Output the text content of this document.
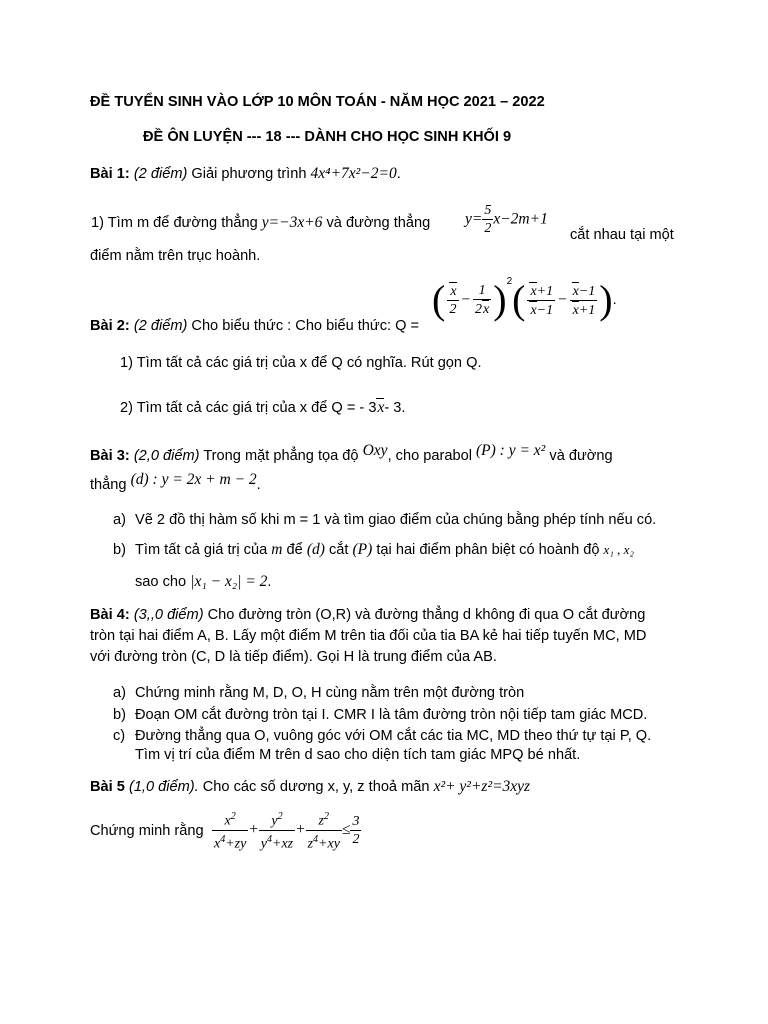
ĐỀ TUYỂN SINH VÀO LỚP 10 MÔN TOÁN - NĂM HỌC 2021 – 2022
ĐỀ ÔN LUYỆN --- 18 --- DÀNH CHO HỌC SINH KHỐI 9
Bài 1: (2 điểm) Giải phương trình 4x⁴+7x²−2=0.
1) Tìm m để đường thẳng y=−3x+6 và đường thẳng $y= \frac{5}{2} x-2m+1$
cắt nhau tại một
điểm nằm trên trục hoành.
Bài 2: (2 điểm) Cho biểu thức : Cho biểu thức: Q =
( $\frac{x}{2} - \frac{1}{2x} )^2( \frac{x+1}{x-1} - \frac{x-1}{x+1}$ ).
1) Tìm tất cả các giá trị của x để Q có nghĩa. Rút gọn Q.
2) Tìm tất cả các giá trị của x để Q = - 3x- 3.
Bài 3: (2,0 điểm) Trong mặt phẳng tọa độ Oxy, cho parabol (P) : y = x² và đường
thẳng (d) : y = 2x + m − 2.
a) Vẽ 2 đồ thị hàm số khi m = 1 và tìm giao điểm của chúng bằng phép tính nếu có.
b) Tìm tất cả giá trị của m để (d) cắt (P) tại hai điểm phân biệt có hoành độ x₁ , x₂
sao cho |x₁ − x₂| = 2.
Bài 4: (3,,0 điểm) Cho đường tròn (O,R) và đường thẳng d không đi qua O cắt đường
tròn tại hai điểm A, B. Lấy một điểm M trên tia đối của tia BA kẻ hai tiếp tuyến MC, MD
với đường tròn (C, D là tiếp điểm). Gọi H là trung điểm của AB.
a) Chứng minh rằng M, D, O, H cùng nằm trên một đường tròn
b) Đoạn OM cắt đường tròn tại I. CMR I là tâm đường tròn nội tiếp tam giác MCD.
c) Đường thẳng qua O, vuông góc với OM cắt các tia MC, MD theo thứ tự tại P, Q.
Tìm vị trí của điểm M trên d sao cho diện tích tam giác MPQ bé nhất.
Bài 5 (1,0 điểm). Cho các số dương x, y, z thoả mãn x²+ y²+z²=3xyz
Chứng minh rằng $\frac{x^2}{x^4+zy} + \frac{y^2}{y^4+xz} + \frac{z^2}{z^4+xy} \le \frac{3}{2}$
